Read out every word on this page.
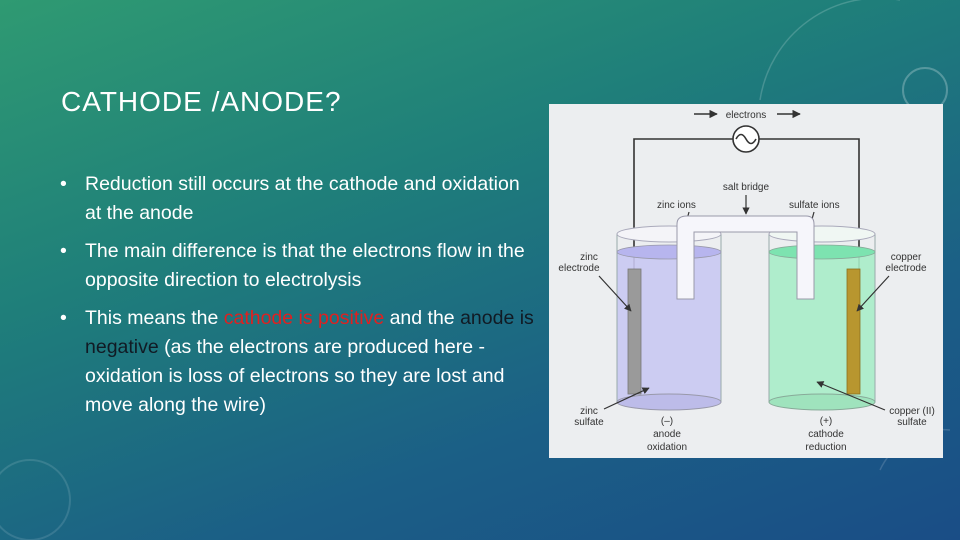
CATHODE /ANODE?
• Reduction still occurs at the cathode and oxidation at the anode
• The main difference is that the electrons flow in the opposite direction to electrolysis
• This means the cathode is positive and the anode is negative (as the electrons are produced here - oxidation is loss of electrons so they are lost and move along the wire)
electrons
salt bridge
zinc ions	sulfate ions
zinc
electrode
copper
electrode
zinc
sulfate
copper (II)
sulfate
(–)
anode
oxidation
(+)
cathode
reduction
